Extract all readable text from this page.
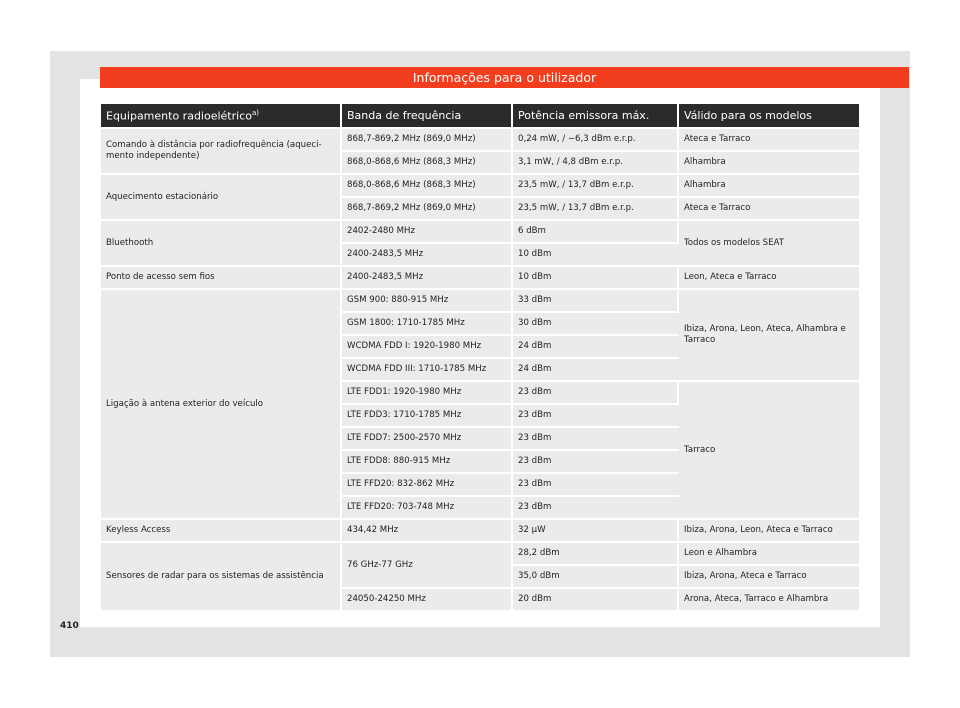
Informações para o utilizador
Equipamento radioelétrico$^{a)}$	Banda de frequência	Potência emissora máx.	Válido para os modelos
Comando à distância por radiofrequência (aquecimento independente)	868,7-869,2 MHz (869,0 MHz)	0,24 mW, / −6,3 dBm e.r.p.	Ateca e Tarraco
	868,0-868,6 MHz (868,3 MHz)	3,1 mW, / 4,8 dBm e.r.p.	Alhambra
Aquecimento estacionário	868,0-868,6 MHz (868,3 MHz)	23,5 mW, / 13,7 dBm e.r.p.	Alhambra
	868,7-869,2 MHz (869,0 MHz)	23,5 mW, / 13,7 dBm e.r.p.	Ateca e Tarraco
Bluethooth	2402-2480 MHz	6 dBm	Todos os modelos SEAT
	2400-2483,5 MHz	10 dBm	
Ponto de acesso sem fios	2400-2483,5 MHz	10 dBm	Leon, Ateca e Tarraco
Ligação à antena exterior do veículo	GSM 900: 880-915 MHz	33 dBm	Ibiza, Arona, Leon, Ateca, Alhambra e Tarraco
	GSM 1800: 1710-1785 MHz	30 dBm	
	WCDMA FDD I: 1920-1980 MHz	24 dBm	
	WCDMA FDD III: 1710-1785 MHz	24 dBm	
	LTE FDD1: 1920-1980 MHz	23 dBm	Tarraco
	LTE FDD3: 1710-1785 MHz	23 dBm	
	LTE FDD7: 2500-2570 MHz	23 dBm	
	LTE FDD8: 880-915 MHz	23 dBm	
	LTE FFD20: 832-862 MHz	23 dBm	
	LTE FFD20: 703-748 MHz	23 dBm	
Keyless Access	434,42 MHz	32 µW	Ibiza, Arona, Leon, Ateca e Tarraco
Sensores de radar para os sistemas de assistência	76 GHz-77 GHz	28,2 dBm	Leon e Alhambra
		35,0 dBm	Ibiza, Arona, Ateca e Tarraco
	24050-24250 MHz	20 dBm	Arona, Ateca, Tarraco e Alhambra
410
